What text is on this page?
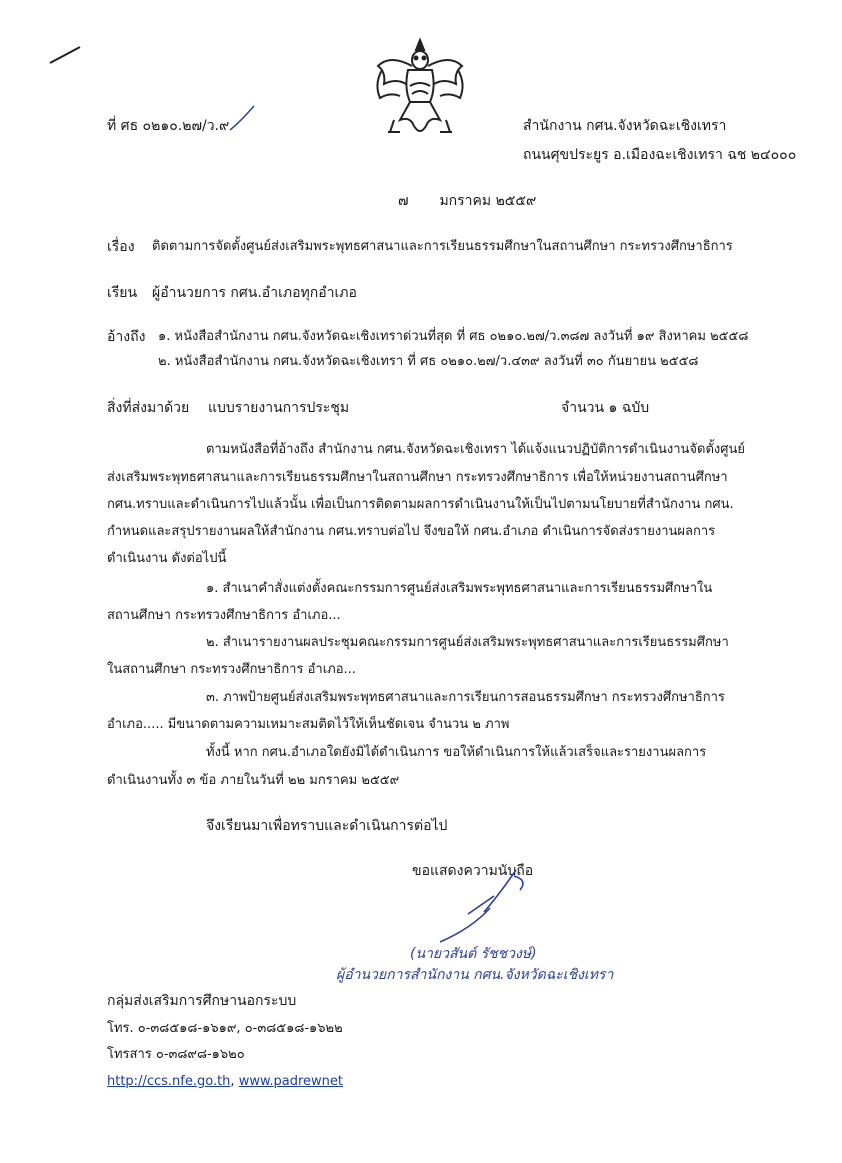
ที่ ศธ ๐๒๑๐.๒๗/ว.๙	สำนักงาน กศน.จังหวัดฉะเชิงเทรา
ถนนศุขประยูร อ.เมืองฉะเชิงเทรา ฉช ๒๔๐๐๐
๗ มกราคม ๒๕๕๙
เรื่อง ติดตามการจัดตั้งศูนย์ส่งเสริมพระพุทธศาสนาและการเรียนธรรมศึกษาในสถานศึกษา กระทรวงศึกษาธิการ
เรียน ผู้อำนวยการ กศน.อำเภอทุกอำเภอ
อ้างถึง ๑. หนังสือสำนักงาน กศน.จังหวัดฉะเชิงเทราด่วนที่สุด ที่ ศธ ๐๒๑๐.๒๗/ว.๓๘๗ ลงวันที่ ๑๙ สิงหาคม ๒๕๕๘
๒. หนังสือสำนักงาน กศน.จังหวัดฉะเชิงเทรา ที่ ศธ ๐๒๑๐.๒๗/ว.๔๓๙ ลงวันที่ ๓๐ กันยายน ๒๕๕๘
สิ่งที่ส่งมาด้วย แบบรายงานการประชุม	จำนวน ๑ ฉบับ
ตามหนังสือที่อ้างถึง สำนักงาน กศน.จังหวัดฉะเชิงเทรา ได้แจ้งแนวปฏิบัติการดำเนินงานจัดตั้งศูนย์
ส่งเสริมพระพุทธศาสนาและการเรียนธรรมศึกษาในสถานศึกษา กระทรวงศึกษาธิการ เพื่อให้หน่วยงานสถานศึกษา
กศน.ทราบและดำเนินการไปแล้วนั้น เพื่อเป็นการติดตามผลการดำเนินงานให้เป็นไปตามนโยบายที่สำนักงาน กศน.
กำหนดและสรุปรายงานผลให้สำนักงาน กศน.ทราบต่อไป จึงขอให้ กศน.อำเภอ ดำเนินการจัดส่งรายงานผลการ
ดำเนินงาน ดังต่อไปนี้
๑. สำเนาคำสั่งแต่งตั้งคณะกรรมการศูนย์ส่งเสริมพระพุทธศาสนาและการเรียนธรรมศึกษาใน
สถานศึกษา กระทรวงศึกษาธิการ อำเภอ...
๒. สำเนารายงานผลประชุมคณะกรรมการศูนย์ส่งเสริมพระพุทธศาสนาและการเรียนธรรมศึกษา
ในสถานศึกษา กระทรวงศึกษาธิการ อำเภอ...
๓. ภาพป้ายศูนย์ส่งเสริมพระพุทธศาสนาและการเรียนการสอนธรรมศึกษา กระทรวงศึกษาธิการ
อำเภอ..... มีขนาดตามความเหมาะสมติดไว้ให้เห็นชัดเจน จำนวน ๒ ภาพ
ทั้งนี้ หาก กศน.อำเภอใดยังมิได้ดำเนินการ ขอให้ดำเนินการให้แล้วเสร็จและรายงานผลการ
ดำเนินงานทั้ง ๓ ข้อ ภายในวันที่ ๒๒ มกราคม ๒๕๕๙
จึงเรียนมาเพื่อทราบและดำเนินการต่อไป
ขอแสดงความนับถือ
(นายวสันต์ รัชชวงษ์)
ผู้อำนวยการสำนักงาน กศน.จังหวัดฉะเชิงเทรา
กลุ่มส่งเสริมการศึกษานอกระบบ
โทร. ๐-๓๘๕๑๘-๑๖๑๙, ๐-๓๘๕๑๘-๑๖๒๒
โทรสาร ๐-๓๘๙๘-๑๖๒๐
http://ccs.nfe.go.th, www.padrewnet
